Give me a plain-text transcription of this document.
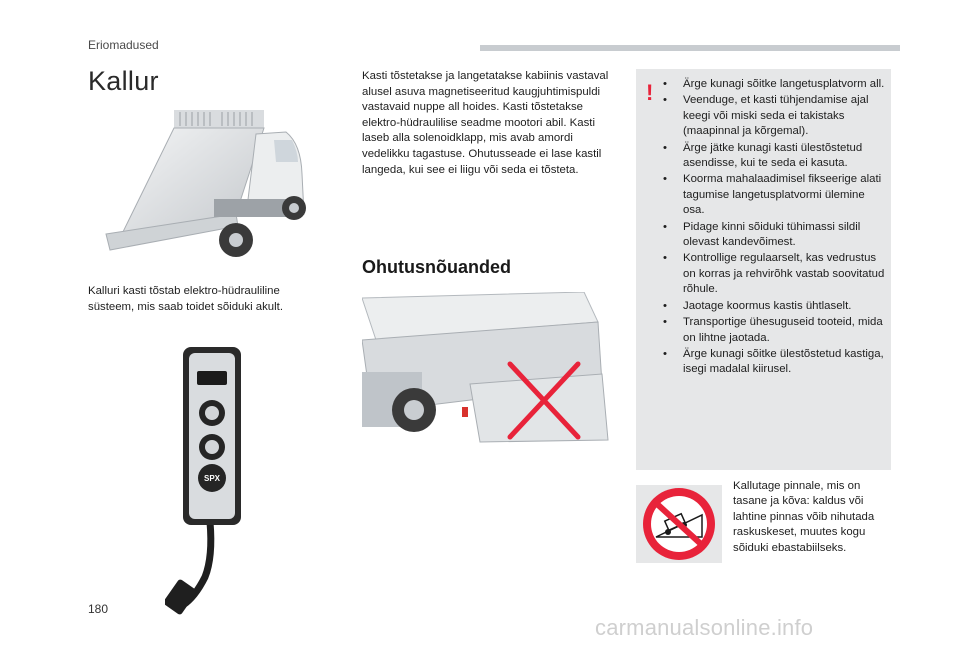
Eriomadused
Kallur

Kalluri kasti tõstab elektro-hüdrauliline süsteem, mis saab toidet sõiduki akult.

SPX

Kasti tõstetakse ja langetatakse kabiinis vastaval alusel asuva magnetiseeritud kaugjuhtimispuldi vastavaid nuppe all hoides. Kasti tõstetakse elektro-hüdraulilise seadme mootori abil. Kasti laseb alla solenoidklapp, mis avab amordi vedelikku tagastuse. Ohutusseade ei lase kastil langeda, kui see ei liigu või seda ei tõsteta.

Ohutusnõuanded
!
•	Ärge kunagi sõitke langetusplatvorm all.
• Veenduge, et kasti tühjendamise ajal keegi või miski seda ei takistaks (maapinnal ja kõrgemal).
• Ärge jätke kunagi kasti ülestõstetud asendisse, kui te seda ei kasuta.
• Koorma mahalaadimisel fikseerige alati tagumise langetusplatvormi ülemine osa.
• Pidage kinni sõiduki tühimassi sildil olevast kandevõimest.
• Kontrollige regulaarselt, kas vedrustus on korras ja rehvirõhk vastab soovitatud rõhule.
• Jaotage koormus kastis ühtlaselt.
• Transportige ühesuguseid tooteid, mida on lihtne jaotada.
• Ärge kunagi sõitke ülestõstetud kastiga, isegi madalal kiirusel.

Kallutage pinnale, mis on tasane ja kõva: kaldus või lahtine pinnas võib nihutada raskuskeset, muutes kogu sõiduki ebastabiilseks.

180
carmanualsonline.info
